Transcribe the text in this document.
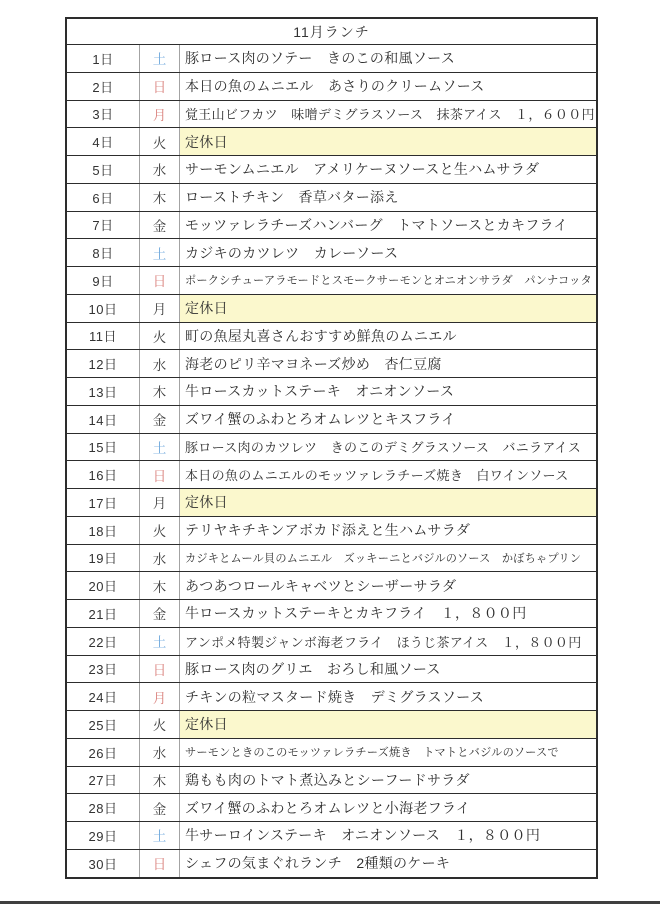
11月ランチ
1日	土	豚ロース肉のソテー　きのこの和風ソース
2日	日	本日の魚のムニエル　あさりのクリームソース
3日	月	覚王山ビフカツ　味噌デミグラスソース　抹茶アイス　１，６００円
4日	火	定休日
5日	水	サーモンムニエル　アメリケーヌソースと生ハムサラダ
6日	木	ローストチキン　香草バター添え
7日	金	モッツァレラチーズハンバーグ　トマトソースとカキフライ
8日	土	カジキのカツレツ　カレーソース
9日	日	ポークシチューアラモードとスモークサーモンとオニオンサラダ　パンナコッタ
10日	月	定休日
11日	火	町の魚屋丸喜さんおすすめ鮮魚のムニエル
12日	水	海老のピリ辛マヨネーズ炒め　杏仁豆腐
13日	木	牛ロースカットステーキ　オニオンソース
14日	金	ズワイ蟹のふわとろオムレツとキスフライ
15日	土	豚ロース肉のカツレツ　きのこのデミグラスソース　バニラアイス
16日	日	本日の魚のムニエルのモッツァレラチーズ焼き　白ワインソース
17日	月	定休日
18日	火	テリヤキチキンアボカド添えと生ハムサラダ
19日	水	カジキとムール貝のムニエル　ズッキーニとバジルのソース　かぼちゃプリン
20日	木	あつあつロールキャベツとシーザーサラダ
21日	金	牛ロースカットステーキとカキフライ　１，８００円
22日	土	アンポメ特製ジャンボ海老フライ　ほうじ茶アイス　１，８００円
23日	日	豚ロース肉のグリエ　おろし和風ソース
24日	月	チキンの粒マスタード焼き　デミグラスソース
25日	火	定休日
26日	水	サーモンときのこのモッツァレラチーズ焼き　トマトとバジルのソースで
27日	木	鶏もも肉のトマト煮込みとシーフードサラダ
28日	金	ズワイ蟹のふわとろオムレツと小海老フライ
29日	土	牛サーロインステーキ　オニオンソース　１，８００円
30日	日	シェフの気まぐれランチ　2種類のケーキ
